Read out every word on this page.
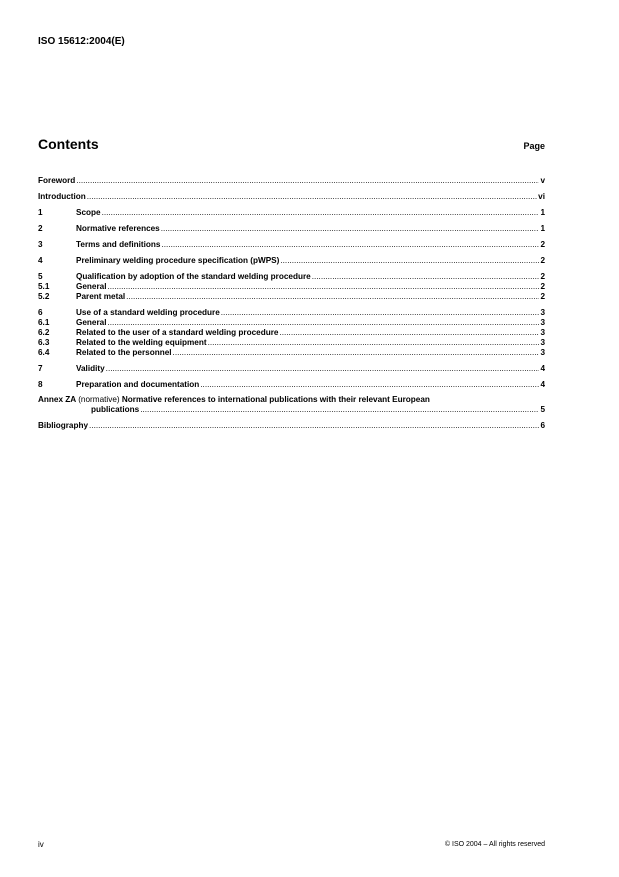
ISO 15612:2004(E)
Contents	Page
Foreword .....	v
Introduction .....	vi
1	Scope .....	1
2	Normative references .....	1
3	Terms and definitions .....	2
4	Preliminary welding procedure specification (pWPS) .....	2
5	Qualification by adoption of the standard welding procedure .....	2
5.1	General .....	2
5.2	Parent metal .....	2
6	Use of a standard welding procedure .....	3
6.1	General .....	3
6.2	Related to the user of a standard welding procedure .....	3
6.3	Related to the welding equipment .....	3
6.4	Related to the personnel .....	3
7	Validity .....	4
8	Preparation and documentation .....	4
Annex ZA (normative) Normative references to international publications with their relevant European
publications .....	5
Bibliography .....	6
iv	© ISO 2004 – All rights reserved
